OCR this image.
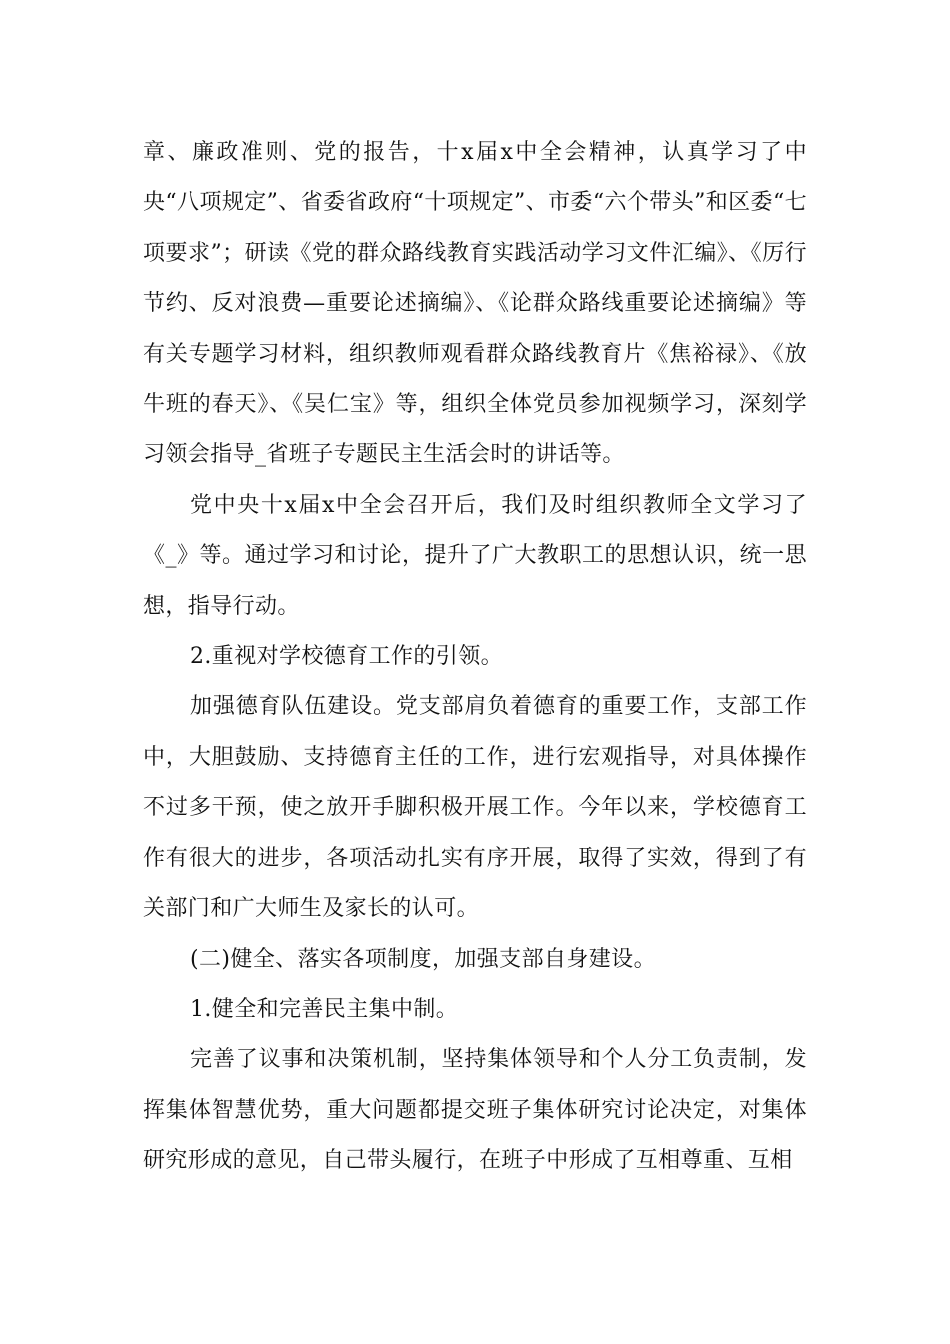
章、廉政准则、党的报告，十x届x中全会精神，认真学习了中央“八项规定”、省委省政府“十项规定”、市委“六个带头”和区委“七项要求”；研读《党的群众路线教育实践活动学习文件汇编》、《厉行节约、反对浪费—重要论述摘编》、《论群众路线重要论述摘编》等有关专题学习材料，组织教师观看群众路线教育片《焦裕禄》、《放牛班的春天》、《吴仁宝》等，组织全体党员参加视频学习，深刻学习领会指导_省班子专题民主生活会时的讲话等。

党中央十x届x中全会召开后，我们及时组织教师全文学习了《_》等。通过学习和讨论，提升了广大教职工的思想认识，统一思想，指导行动。

2.重视对学校德育工作的引领。

加强德育队伍建设。党支部肩负着德育的重要工作，支部工作中，大胆鼓励、支持德育主任的工作，进行宏观指导，对具体操作不过多干预，使之放开手脚积极开展工作。今年以来，学校德育工作有很大的进步，各项活动扎实有序开展，取得了实效，得到了有关部门和广大师生及家长的认可。

(二)健全、落实各项制度，加强支部自身建设。

1.健全和完善民主集中制。

完善了议事和决策机制，坚持集体领导和个人分工负责制，发挥集体智慧优势，重大问题都提交班子集体研究讨论决定，对集体研究形成的意见，自己带头履行，在班子中形成了互相尊重、互相
